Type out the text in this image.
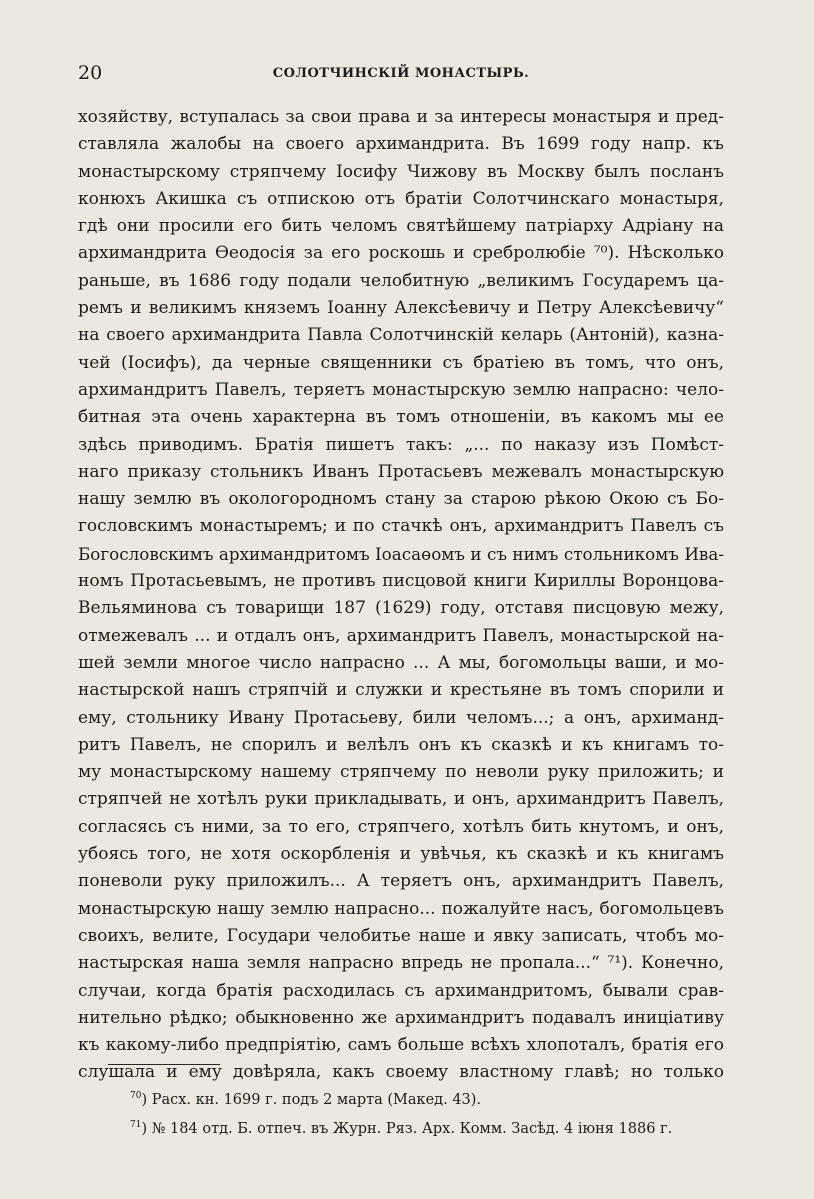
20	СОЛОТЧИНСКІЙ МОНАСТЫРЬ.
хозяйству, вступалась за свои права и за интересы монастыря и пред-
ставляла жалобы на своего архимандрита. Въ 1699 году напр. къ
монастырскому стряпчему Іосифу Чижову въ Москву былъ посланъ
конюхъ Акишка съ отпискою отъ братіи Солотчинскаго монастыря,
гдѣ они просили его бить челомъ святѣйшему патріарху Адріану на
архимандрита Өеодосія за его роскошь и сребролюбіе ⁷⁰). Нѣсколько
раньше, въ 1686 году подали челобитную „великимъ Государемъ ца-
ремъ и великимъ княземъ Іоанну Алексѣевичу и Петру Алексѣевичу“
на своего архимандрита Павла Солотчинскій келарь (Антоній), казна-
чей (Іосифъ), да черные священники съ братіею въ томъ, что онъ,
архимандритъ Павелъ, теряетъ монастырскую землю напрасно: чело-
битная эта очень характерна въ томъ отношеніи, въ какомъ мы ее
здѣсь приводимъ. Братія пишетъ такъ: „... по наказу изъ Помѣст-
наго приказу стольникъ Иванъ Протасьевъ межевалъ монастырскую
нашу землю въ окологородномъ стану за старою рѣкою Окою съ Бо-
гословскимъ монастыремъ; и по стачкѣ онъ, архимандритъ Павелъ съ
Богословскимъ архимандритомъ Іоасаөомъ и съ нимъ стольникомъ Ива-
номъ Протасьевымъ, не противъ писцовой книги Кириллы Воронцова-
Вельяминова съ товарищи 187 (1629) году, отставя писцовую межу,
отмежевалъ ... и отдалъ онъ, архимандритъ Павелъ, монастырской на-
шей земли многое число напрасно ... А мы, богомольцы ваши, и мо-
настырской нашъ стряпчій и служки и крестьяне въ томъ спорили и
ему, стольнику Ивану Протасьеву, били челомъ...; а онъ, архиманд-
ритъ Павелъ, не спорилъ и велѣлъ онъ къ сказкѣ и къ книгамъ то-
му монастырскому нашему стряпчему по неволи руку приложить; и
стряпчей не хотѣлъ руки прикладывать, и онъ, архимандритъ Павелъ,
согласясь съ ними, за то его, стряпчего, хотѣлъ бить кнутомъ, и онъ,
убоясь того, не хотя оскорбленія и увѣчья, къ сказкѣ и къ книгамъ
поневоли руку приложилъ... А теряетъ онъ, архимандритъ Павелъ,
монастырскую нашу землю напрасно... пожалуйте насъ, богомольцевъ
своихъ, велите, Государи челобитье наше и явку записать, чтобъ мо-
настырская наша земля напрасно впредь не пропала...“ ⁷¹). Конечно,
случаи, когда братія расходилась съ архимандритомъ, бывали срав-
нительно рѣдко; обыкновенно же архимандритъ подавалъ иниціативу
къ какому-либо предпріятію, самъ больше всѣхъ хлопоталъ, братія его
слушала и ему довѣряла, какъ своему властному главѣ; но только
$^{70}$) Расх. кн. 1699 г. подъ 2 марта (Макед. 43).
$^{71}$) № 184 отд. Б. отпеч. въ Журн. Ряз. Арх. Комм. Засѣд. 4 іюня 1886 г.
